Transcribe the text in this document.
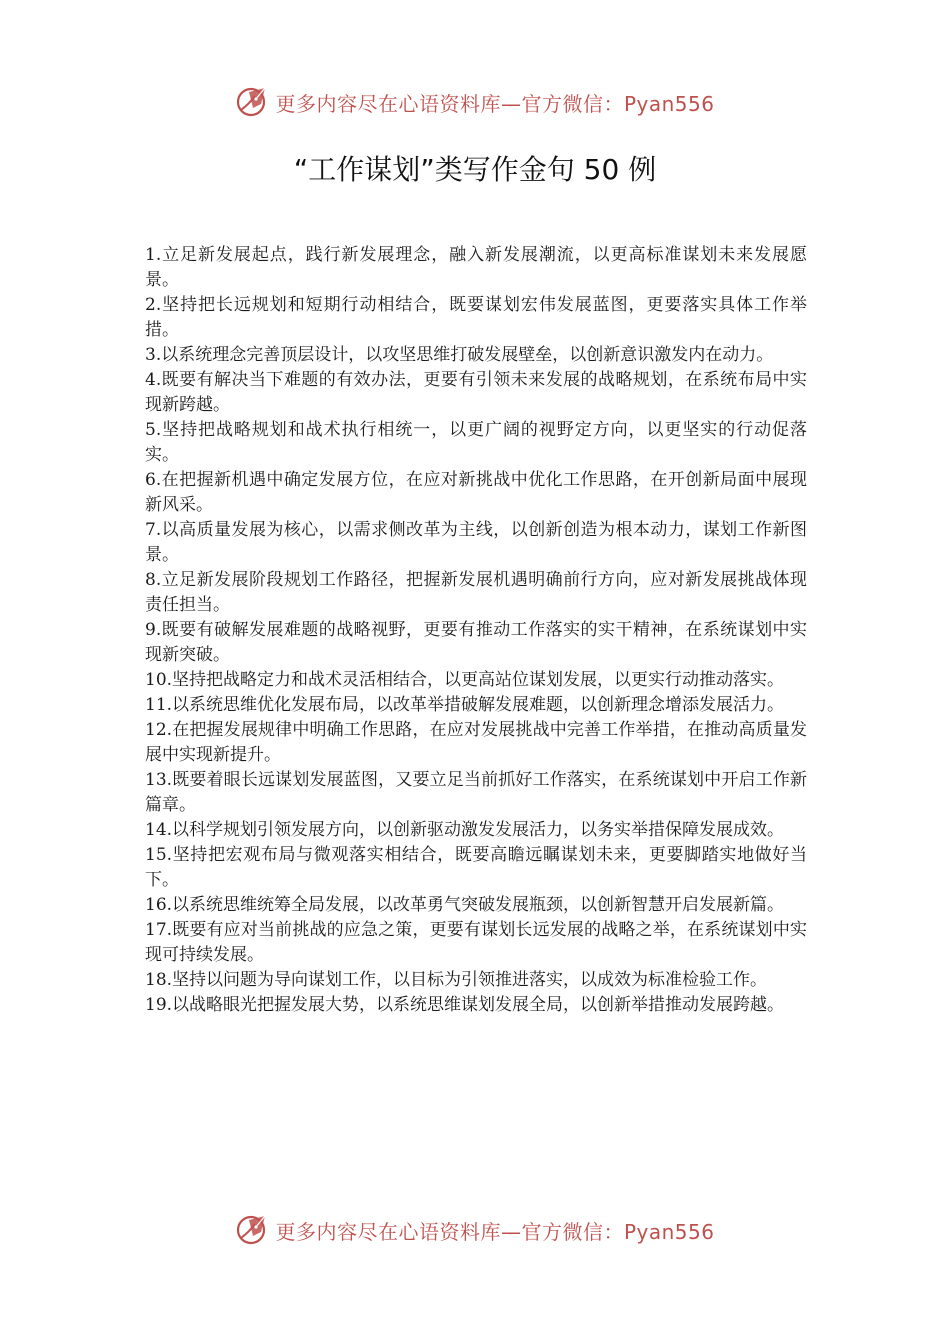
更多内容尽在心语资料库—官方微信：Pyan556
“工作谋划”类写作金句 50 例

1.立足新发展起点，践行新发展理念，融入新发展潮流，以更高标准谋划未来发展愿景。

2.坚持把长远规划和短期行动相结合，既要谋划宏伟发展蓝图，更要落实具体工作举措。

3.以系统理念完善顶层设计，以攻坚思维打破发展壁垒，以创新意识激发内在动力。

4.既要有解决当下难题的有效办法，更要有引领未来发展的战略规划，在系统布局中实现新跨越。

5.坚持把战略规划和战术执行相统一，以更广阔的视野定方向，以更坚实的行动促落实。

6.在把握新机遇中确定发展方位，在应对新挑战中优化工作思路，在开创新局面中展现新风采。

7.以高质量发展为核心，以需求侧改革为主线，以创新创造为根本动力，谋划工作新图景。

8.立足新发展阶段规划工作路径，把握新发展机遇明确前行方向，应对新发展挑战体现责任担当。

9.既要有破解发展难题的战略视野，更要有推动工作落实的实干精神，在系统谋划中实现新突破。

10.坚持把战略定力和战术灵活相结合，以更高站位谋划发展，以更实行动推动落实。

11.以系统思维优化发展布局，以改革举措破解发展难题，以创新理念增添发展活力。

12.在把握发展规律中明确工作思路，在应对发展挑战中完善工作举措，在推动高质量发展中实现新提升。

13.既要着眼长远谋划发展蓝图，又要立足当前抓好工作落实，在系统谋划中开启工作新篇章。

14.以科学规划引领发展方向，以创新驱动激发发展活力，以务实举措保障发展成效。

15.坚持把宏观布局与微观落实相结合，既要高瞻远瞩谋划未来，更要脚踏实地做好当下。

16.以系统思维统筹全局发展，以改革勇气突破发展瓶颈，以创新智慧开启发展新篇。

17.既要有应对当前挑战的应急之策，更要有谋划长远发展的战略之举，在系统谋划中实现可持续发展。

18.坚持以问题为导向谋划工作，以目标为引领推进落实，以成效为标准检验工作。

19.以战略眼光把握发展大势，以系统思维谋划发展全局，以创新举措推动发展跨越。

更多内容尽在心语资料库—官方微信：Pyan556
